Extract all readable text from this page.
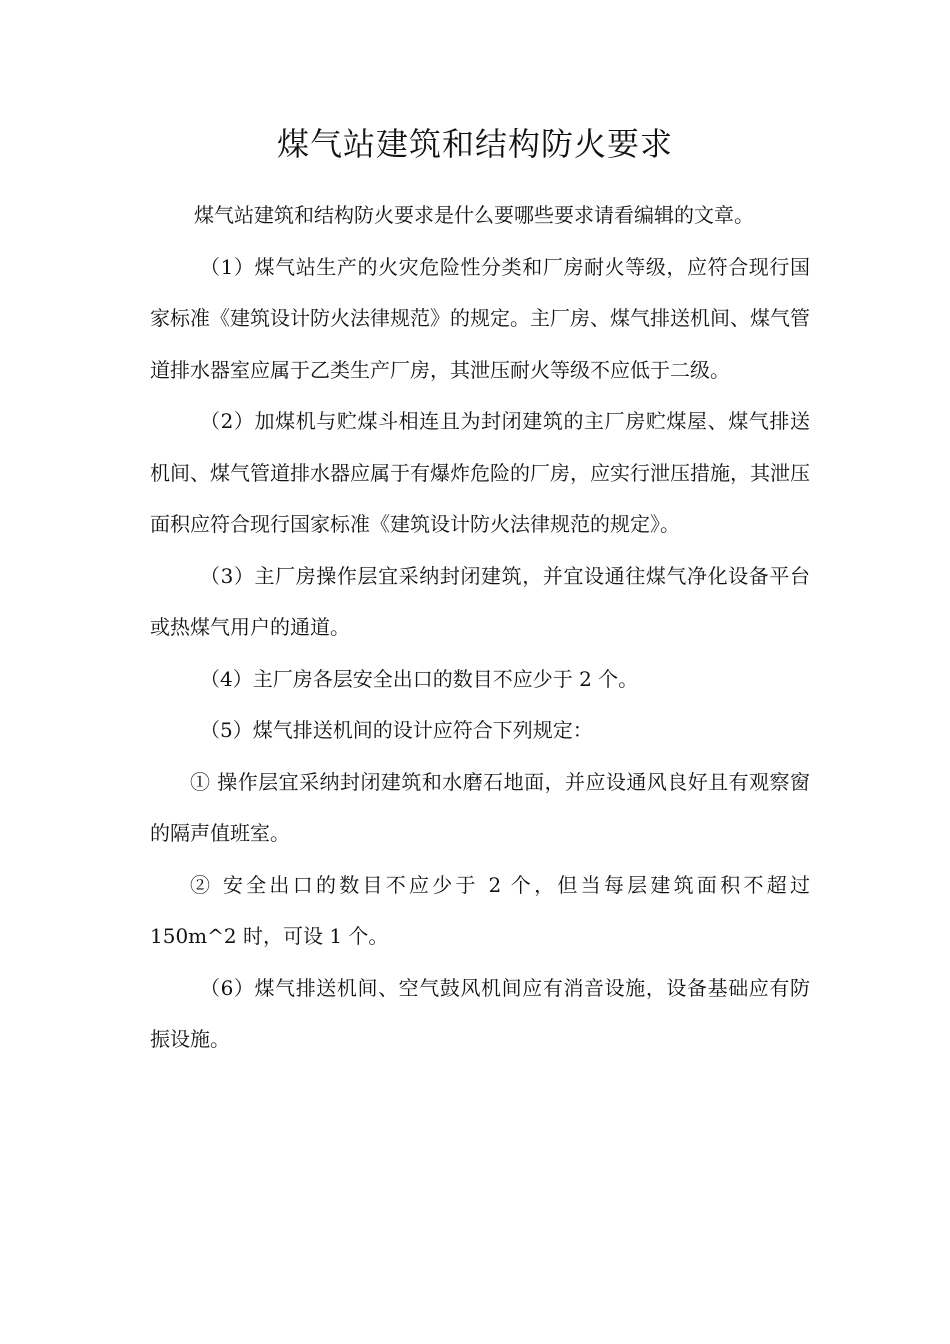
煤气站建筑和结构防火要求

煤气站建筑和结构防火要求是什么要哪些要求请看编辑的文章。

（1）煤气站生产的火灾危险性分类和厂房耐火等级，应符合现行国家标准《建筑设计防火法律规范》的规定。主厂房、煤气排送机间、煤气管道排水器室应属于乙类生产厂房，其泄压耐火等级不应低于二级。

（2）加煤机与贮煤斗相连且为封闭建筑的主厂房贮煤屋、煤气排送机间、煤气管道排水器应属于有爆炸危险的厂房，应实行泄压措施，其泄压面积应符合现行国家标准《建筑设计防火法律规范的规定》。

（3）主厂房操作层宜采纳封闭建筑，并宜设通往煤气净化设备平台或热煤气用户的通道。

（4）主厂房各层安全出口的数目不应少于 2 个。

（5）煤气排送机间的设计应符合下列规定：

① 操作层宜采纳封闭建筑和水磨石地面，并应设通风良好且有观察窗的隔声值班室。

② 安全出口的数目不应少于 2 个，但当每层建筑面积不超过 150m^2 时，可设 1 个。

（6）煤气排送机间、空气鼓风机间应有消音设施，设备基础应有防振设施。
